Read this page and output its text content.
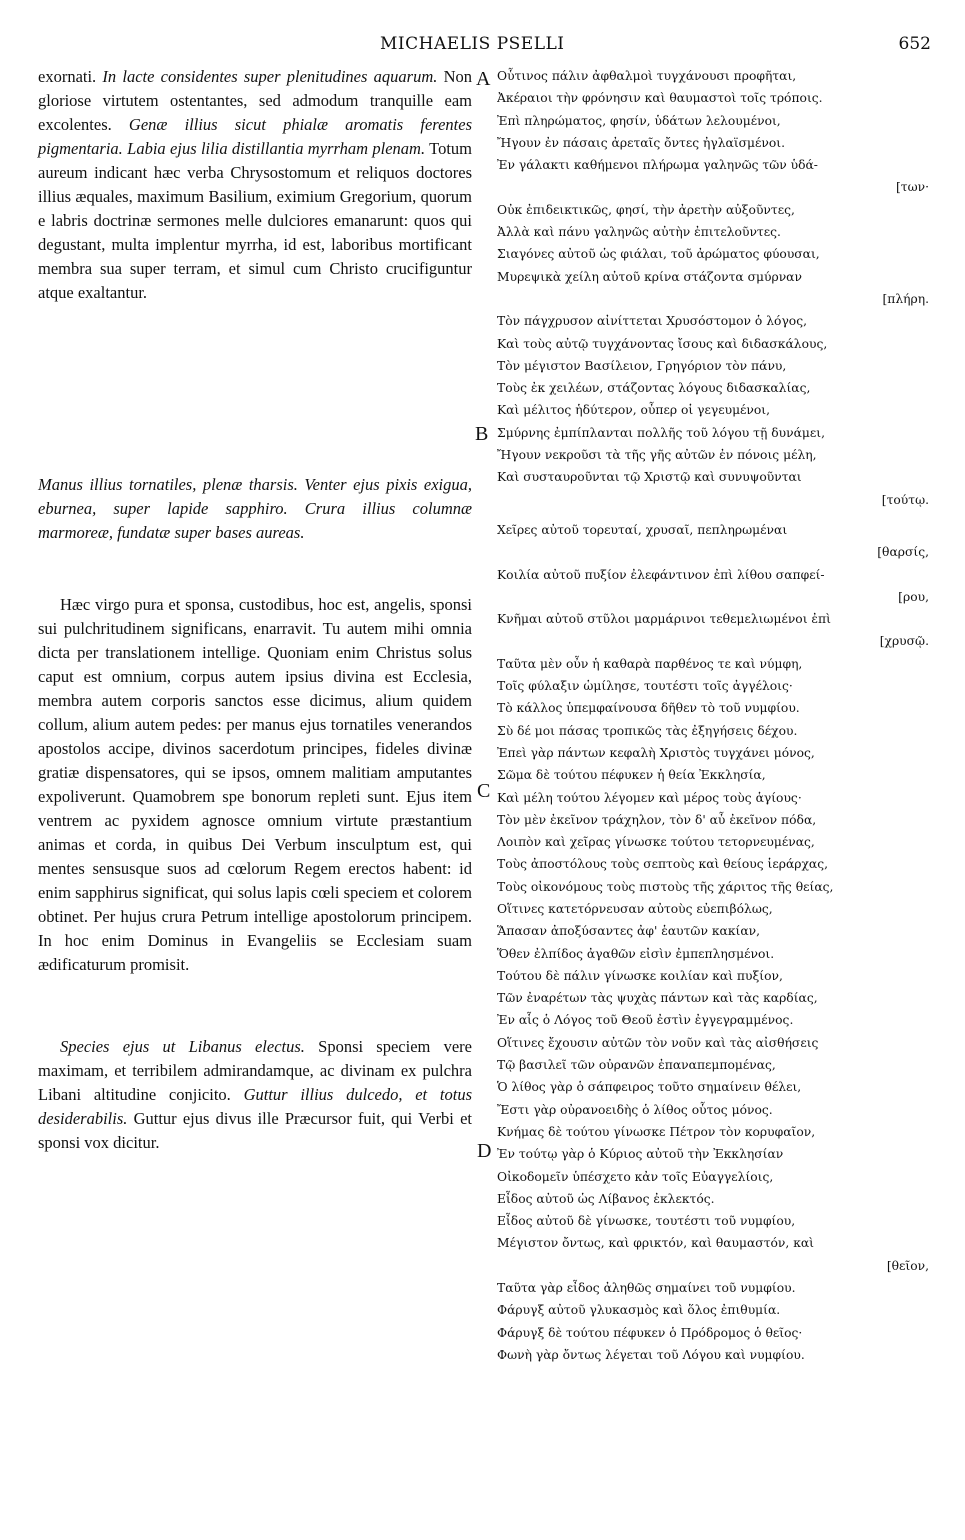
MICHAELIS PSELLI	652

exornati. In lacte considentes super plenitudines aquarum. Non gloriose virtutem ostentantes, sed admodum tranquille eam excolentes. Genæ illius sicut phialæ aromatis ferentes pigmentaria. Labia ejus lilia distillantia myrrham plenam. Totum aureum indicant hæc verba Chrysostomum et reliquos doctores illius æquales, maximum Basilium, eximium Gregorium, quorum e labris doctrinæ sermones melle dulciores emanarunt: quos qui degustant, multa implentur myrrha, id est, laboribus mortificant membra sua super terram, et simul cum Christo crucifiguntur atque exaltantur.

Manus illius tornatiles, plenæ tharsis. Venter ejus pixis exigua, eburnea, super lapide sapphiro. Crura illius columnæ marmoreæ, fundatæ super bases aureas.

Hæc virgo pura et sponsa, custodibus, hoc est, angelis, sponsi sui pulchritudinem significans, enarravit. Tu autem mihi omnia dicta per translationem intellige. Quoniam enim Christus solus caput est omnium, corpus autem ipsius divina est Ecclesia, membra autem corporis sanctos esse dicimus, alium quidem collum, alium autem pedes: per manus ejus tornatiles venerandos apostolos accipe, divinos sacerdotum principes, fideles divinæ gratiæ dispensatores, qui se ipsos, omnem malitiam amputantes expoliverunt. Quamobrem spe bonorum repleti sunt. Ejus item ventrem ac pyxidem agnosce omnium virtute præstantium animas et corda, in quibus Dei Verbum insculptum est, qui mentes sensusque suos ad cœlorum Regem erectos habent: id enim sapphirus significat, qui solus lapis cœli speciem et colorem obtinet. Per hujus crura Petrum intellige apostolorum principem. In hoc enim Dominus in Evangeliis se Ecclesiam suam ædificaturum promisit.

Species ejus ut Libanus electus. Sponsi speciem vere maximam, et terribilem admirandamque, ac divinam ex pulchra Libani altitudine conjicito. Guttur illius dulcedo, et totus desiderabilis. Guttur ejus divus ille Præcursor fuit, qui Verbi et sponsi vox dicitur.

A
B
C
D
Οὗτινος πάλιν ἀφθαλμοὶ τυγχάνουσι προφῆται,
Ἀκέραιοι τὴν φρόνησιν καὶ θαυμαστοὶ τοῖς τρόποις.
Ἐπὶ πληρώματος, φησίν, ὑδάτων λελουμένοι,
Ἤγουν ἐν πάσαις ἀρεταῖς ὄντες ἠγλαϊσμένοι.
Ἐν γάλακτι καθήμενοι πλήρωμα γαληνῶς τῶν ὑδά-
[των·
Οὐκ ἐπιδεικτικῶς, φησί, τὴν ἀρετὴν αὐξοῦντες,
Ἀλλὰ καὶ πάνυ γαληνῶς αὐτὴν ἐπιτελοῦντες.
Σιαγόνες αὐτοῦ ὡς φιάλαι, τοῦ ἀρώματος φύουσαι,
Μυρεψικὰ χείλη αὐτοῦ κρίνα στάζοντα σμύρναν
[πλήρη.
Τὸν πάγχρυσον αἰνίττεται Χρυσόστομον ὁ λόγος,
Καὶ τοὺς αὐτῷ τυγχάνοντας ἴσους καὶ διδασκάλους,
Τὸν μέγιστον Βασίλειον, Γρηγόριον τὸν πάνυ,
Τοὺς ἐκ χειλέων, στάζοντας λόγους διδασκαλίας,
Καὶ μέλιτος ἡδύτερον, οὖπερ οἱ γεγευμένοι,
Σμύρνης ἐμπίπλανται πολλῆς τοῦ λόγου τῇ δυνάμει,
Ἤγουν νεκροῦσι τὰ τῆς γῆς αὐτῶν ἐν πόνοις μέλη,
Καὶ συσταυροῦνται τῷ Χριστῷ καὶ συνυψοῦνται
[τούτῳ.
Χεῖρες αὐτοῦ τορευταί, χρυσαῖ, πεπληρωμέναι
[θαρσίς,
Κοιλία αὐτοῦ πυξίον ἐλεφάντινον ἐπὶ λίθου σαπφεί-
[ρου,
Κνῆμαι αὐτοῦ στῦλοι μαρμάρινοι τεθεμελιωμένοι ἐπὶ
[χρυσῷ.
Ταῦτα μὲν οὖν ἡ καθαρὰ παρθένος τε καὶ νύμφη,
Τοῖς φύλαξιν ὡμίλησε, τουτέστι τοῖς ἀγγέλοις·
Τὸ κάλλος ὑπεμφαίνουσα δῆθεν τὸ τοῦ νυμφίου.
Σὺ δέ μοι πάσας τροπικῶς τὰς ἐξηγήσεις δέχου.
Ἐπεὶ γὰρ πάντων κεφαλὴ Χριστὸς τυγχάνει μόνος,
Σῶμα δὲ τούτου πέφυκεν ἡ θεία Ἐκκλησία,
Καὶ μέλη τούτου λέγομεν καὶ μέρος τοὺς ἁγίους·
Τὸν μὲν ἐκεῖνον τράχηλον, τὸν δ' αὖ ἐκεῖνον πόδα,
Λοιπὸν καὶ χεῖρας γίνωσκε τούτου τετορνευμένας,
Τοὺς ἀποστόλους τοὺς σεπτοὺς καὶ θείους ἱεράρχας,
Τοὺς οἰκονόμους τοὺς πιστοὺς τῆς χάριτος τῆς θείας,
Οἵτινες κατετόρνευσαν αὐτοὺς εὐεπιβόλως,
Ἅπασαν ἀποξύσαντες ἀφ' ἑαυτῶν κακίαν,
Ὅθεν ἐλπίδος ἀγαθῶν εἰσὶν ἐμπεπλησμένοι.
Τούτου δὲ πάλιν γίνωσκε κοιλίαν καὶ πυξίον,
Τῶν ἐναρέτων τὰς ψυχὰς πάντων καὶ τὰς καρδίας,
Ἐν αἷς ὁ Λόγος τοῦ Θεοῦ ἐστὶν ἐγγεγραμμένος.
Οἵτινες ἔχουσιν αὐτῶν τὸν νοῦν καὶ τὰς αἰσθήσεις
Τῷ βασιλεῖ τῶν οὐρανῶν ἐπαναπεμπομένας,
Ὁ λίθος γὰρ ὁ σάπφειρος τοῦτο σημαίνειν θέλει,
Ἔστι γὰρ οὐρανοειδὴς ὁ λίθος οὗτος μόνος.
Κνήμας δὲ τούτου γίνωσκε Πέτρον τὸν κορυφαῖον,
Ἐν τούτῳ γὰρ ὁ Κύριος αὐτοῦ τὴν Ἐκκλησίαν
Οἰκοδομεῖν ὑπέσχετο κἀν τοῖς Εὐαγγελίοις,
Εἶδος αὐτοῦ ὡς Λίβανος ἐκλεκτός.
Εἶδος αὐτοῦ δὲ γίνωσκε, τουτέστι τοῦ νυμφίου,
Μέγιστον ὄντως, καὶ φρικτόν, καὶ θαυμαστόν, καὶ
[θεῖον,
Ταῦτα γὰρ εἶδος ἀληθῶς σημαίνει τοῦ νυμφίου.
Φάρυγξ αὐτοῦ γλυκασμὸς καὶ ὅλος ἐπιθυμία.
Φάρυγξ δὲ τούτου πέφυκεν ὁ Πρόδρομος ὁ θεῖος·
Φωνὴ γὰρ ὄντως λέγεται τοῦ Λόγου καὶ νυμφίου.
